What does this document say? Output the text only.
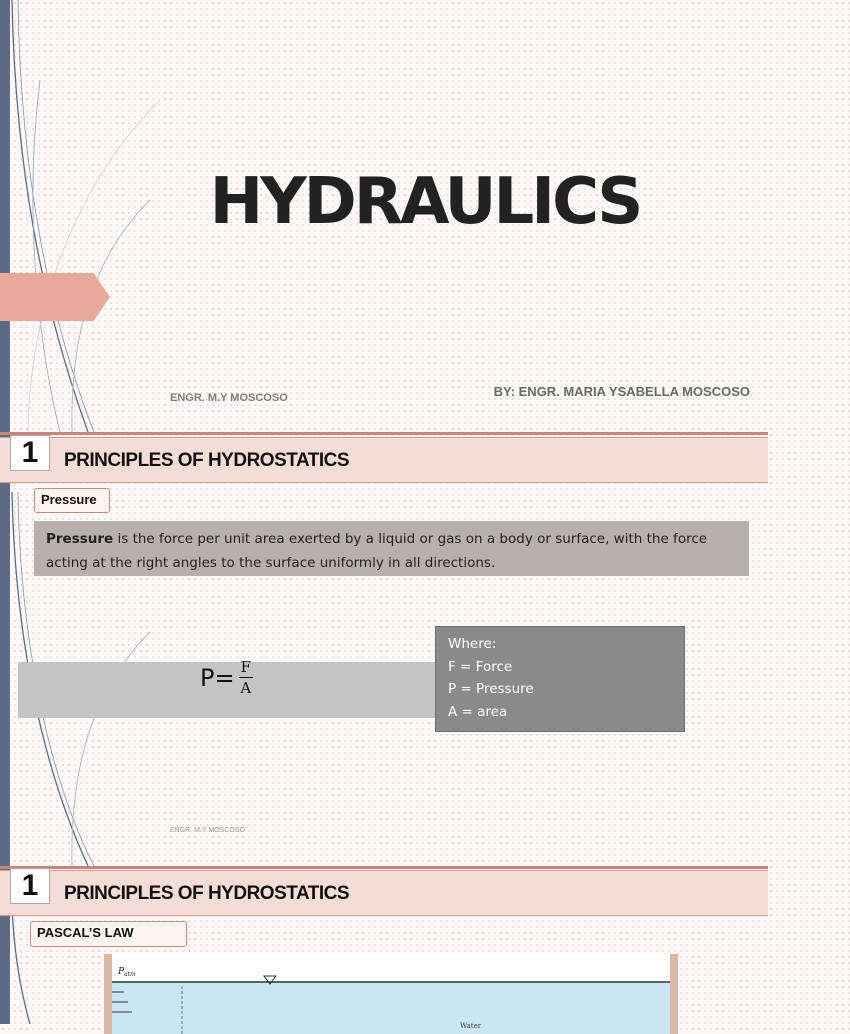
HYDRAULICS
BY: ENGR. MARIA YSABELLA MOSCOSO
ENGR. M.Y MOSCOSO
1	PRINCIPLES OF HYDROSTATICS
Pressure
Pressure is the force per unit area exerted by a liquid or gas on a body or surface, with the force acting at the right angles to the surface uniformly in all directions.
$P= \frac{F}{A}$
Where:
F = Force
P = Pressure
A = area
ENGR. M.Y MOSCOSO
1	PRINCIPLES OF HYDROSTATICS
PASCAL’S LAW
$P_{atm}$
Water
